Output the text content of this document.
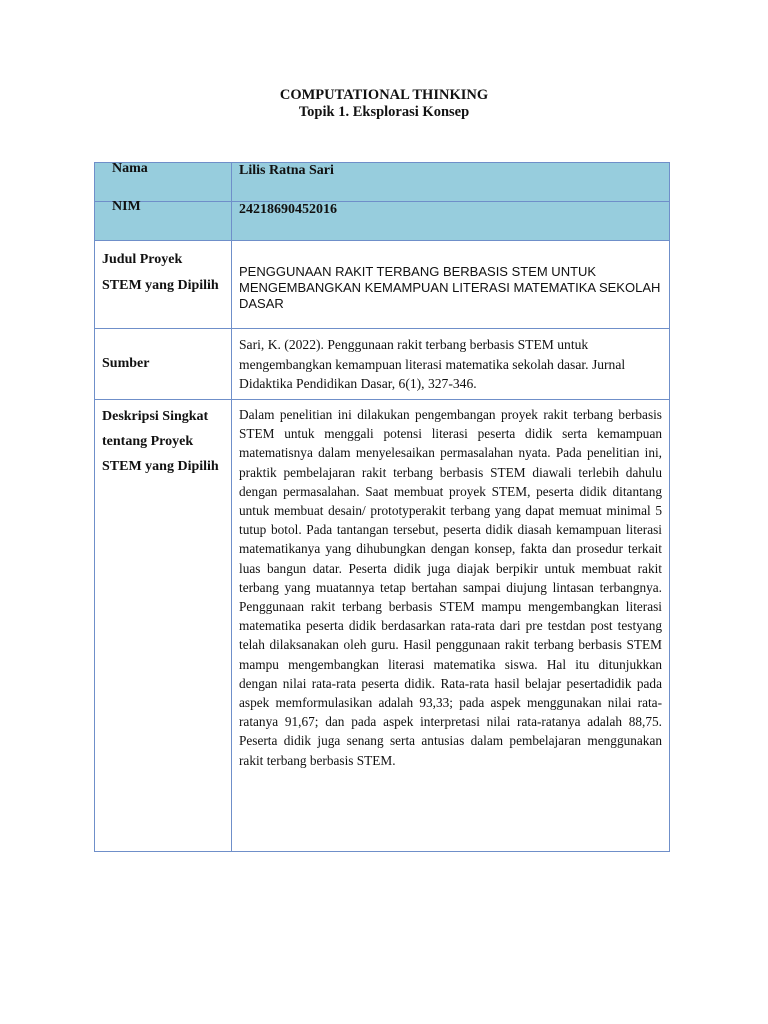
COMPUTATIONAL THINKING
Topik 1. Eksplorasi Konsep
Nama	Lilis Ratna Sari

NIM	24218690452016

Judul Proyek STEM yang Dipilih	PENGGUNAAN RAKIT TERBANG BERBASIS STEM UNTUK MENGEMBANGKAN KEMAMPUAN LITERASI MATEMATIKA SEKOLAH DASAR

Sumber	Sari, K. (2022). Penggunaan rakit terbang berbasis STEM untuk mengembangkan kemampuan literasi matematika sekolah dasar. Jurnal Didaktika Pendidikan Dasar, 6(1), 327-346.

Deskripsi Singkat tentang Proyek STEM yang Dipilih	Dalam penelitian ini dilakukan pengembangan proyek rakit terbang berbasis STEM untuk menggali potensi literasi peserta didik serta kemampuan matematisnya dalam menyelesaikan permasalahan nyata. Pada penelitian ini, praktik pembelajaran rakit terbang berbasis STEM diawali terlebih dahulu dengan permasalahan. Saat membuat proyek STEM, peserta didik ditantang untuk membuat desain/ prototyperakit terbang yang dapat memuat minimal 5 tutup botol. Pada tantangan tersebut, peserta didik diasah kemampuan literasi matematikanya yang dihubungkan dengan konsep, fakta dan prosedur terkait luas bangun datar. Peserta didik juga diajak berpikir untuk membuat rakit terbang yang muatannya tetap bertahan sampai diujung lintasan terbangnya. Penggunaan rakit terbang berbasis STEM mampu mengembangkan literasi matematika peserta didik berdasarkan rata-rata dari pre testdan post testyang telah dilaksanakan oleh guru. Hasil penggunaan rakit terbang berbasis STEM mampu mengembangkan literasi matematika siswa. Hal itu ditunjukkan dengan nilai rata-rata peserta didik. Rata-rata hasil belajar pesertadidik pada aspek memformulasikan adalah 93,33; pada aspek menggunakan nilai rata-ratanya 91,67; dan pada aspek interpretasi nilai rata-ratanya adalah 88,75. Peserta didik juga senang serta antusias dalam pembelajaran menggunakan rakit terbang berbasis STEM.
